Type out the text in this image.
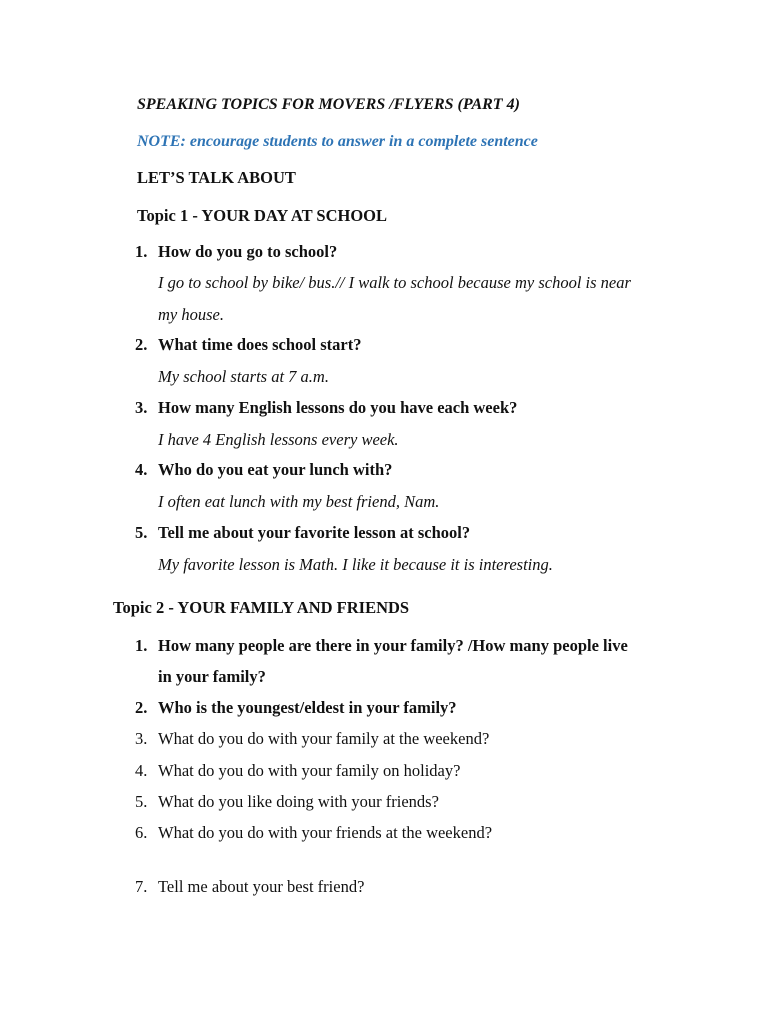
SPEAKING TOPICS FOR MOVERS /FLYERS (PART 4)
NOTE: encourage students to answer in a complete sentence
LET’S TALK ABOUT
Topic 1 - YOUR DAY AT SCHOOL
1. How do you go to school?
I go to school by bike/ bus.// I walk to school because my school is near
my house.
2. What time does school start?
My school starts at 7 a.m.
3. How many English lessons do you have each week?
I have 4 English lessons every week.
4. Who do you eat your lunch with?
I often eat lunch with my best friend, Nam.
5. Tell me about your favorite lesson at school?
My favorite lesson is Math. I like it because it is interesting.
Topic 2 - YOUR FAMILY AND FRIENDS
1. How many people are there in your family? /How many people live
in your family?
2. Who is the youngest/eldest in your family?
3. What do you do with your family at the weekend?
4. What do you do with your family on holiday?
5. What do you like doing with your friends?
6. What do you do with your friends at the weekend?
7. Tell me about your best friend?
